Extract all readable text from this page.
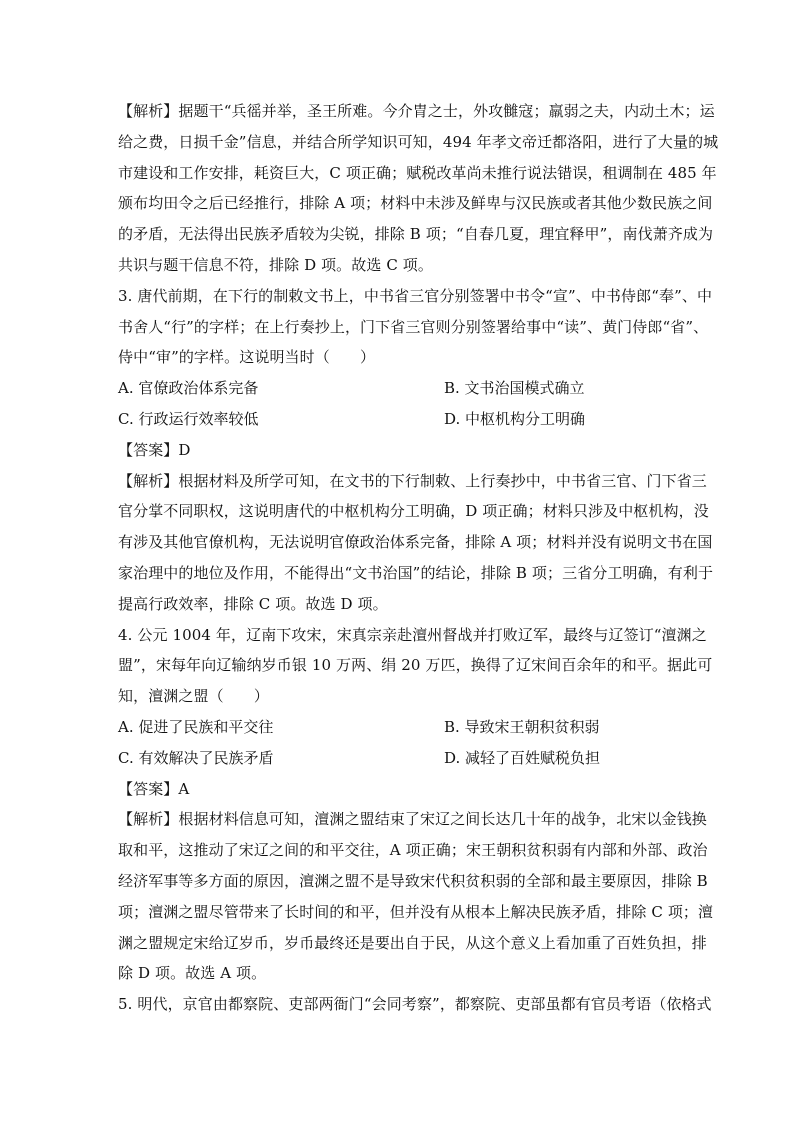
【解析】据题干“兵徭并举，圣王所难。今介胄之士，外攻雠寇；羸弱之夫，内动土木；运
给之费，日损千金”信息，并结合所学知识可知，494 年孝文帝迁都洛阳，进行了大量的城
市建设和工作安排，耗资巨大，C 项正确；赋税改革尚未推行说法错误，租调制在 485 年
颁布均田令之后已经推行，排除 A 项；材料中未涉及鲜卑与汉民族或者其他少数民族之间
的矛盾，无法得出民族矛盾较为尖锐，排除 B 项；“自春几夏，理宜释甲”，南伐萧齐成为
共识与题干信息不符，排除 D 项。故选 C 项。
3. 唐代前期，在下行的制敕文书上，中书省三官分别签署中书令“宣”、中书侍郎“奉”、中
书舍人“行”的字样；在上行奏抄上，门下省三官则分别签署给事中“读”、黄门侍郎“省”、
侍中“审”的字样。这说明当时（　　）
A. 官僚政治体系完备	B. 文书治国模式确立
C. 行政运行效率较低	D. 中枢机构分工明确
【答案】D
【解析】根据材料及所学可知，在文书的下行制敕、上行奏抄中，中书省三官、门下省三
官分掌不同职权，这说明唐代的中枢机构分工明确，D 项正确；材料只涉及中枢机构，没
有涉及其他官僚机构，无法说明官僚政治体系完备，排除 A 项；材料并没有说明文书在国
家治理中的地位及作用，不能得出“文书治国”的结论，排除 B 项；三省分工明确，有利于
提高行政效率，排除 C 项。故选 D 项。
4. 公元 1004 年，辽南下攻宋，宋真宗亲赴澶州督战并打败辽军，最终与辽签订“澶渊之
盟”，宋每年向辽输纳岁币银 10 万两、绢 20 万匹，换得了辽宋间百余年的和平。据此可
知，澶渊之盟（　　）
A. 促进了民族和平交往	B. 导致宋王朝积贫积弱
C. 有效解决了民族矛盾	D. 减轻了百姓赋税负担
【答案】A
【解析】根据材料信息可知，澶渊之盟结束了宋辽之间长达几十年的战争，北宋以金钱换
取和平，这推动了宋辽之间的和平交往，A 项正确；宋王朝积贫积弱有内部和外部、政治
经济军事等多方面的原因，澶渊之盟不是导致宋代积贫积弱的全部和最主要原因，排除 B
项；澶渊之盟尽管带来了长时间的和平，但并没有从根本上解决民族矛盾，排除 C 项；澶
渊之盟规定宋给辽岁币，岁币最终还是要出自于民，从这个意义上看加重了百姓负担，排
除 D 项。故选 A 项。
5. 明代，京官由都察院、吏部两衙门“会同考察”，都察院、吏部虽都有官员考语（依格式
